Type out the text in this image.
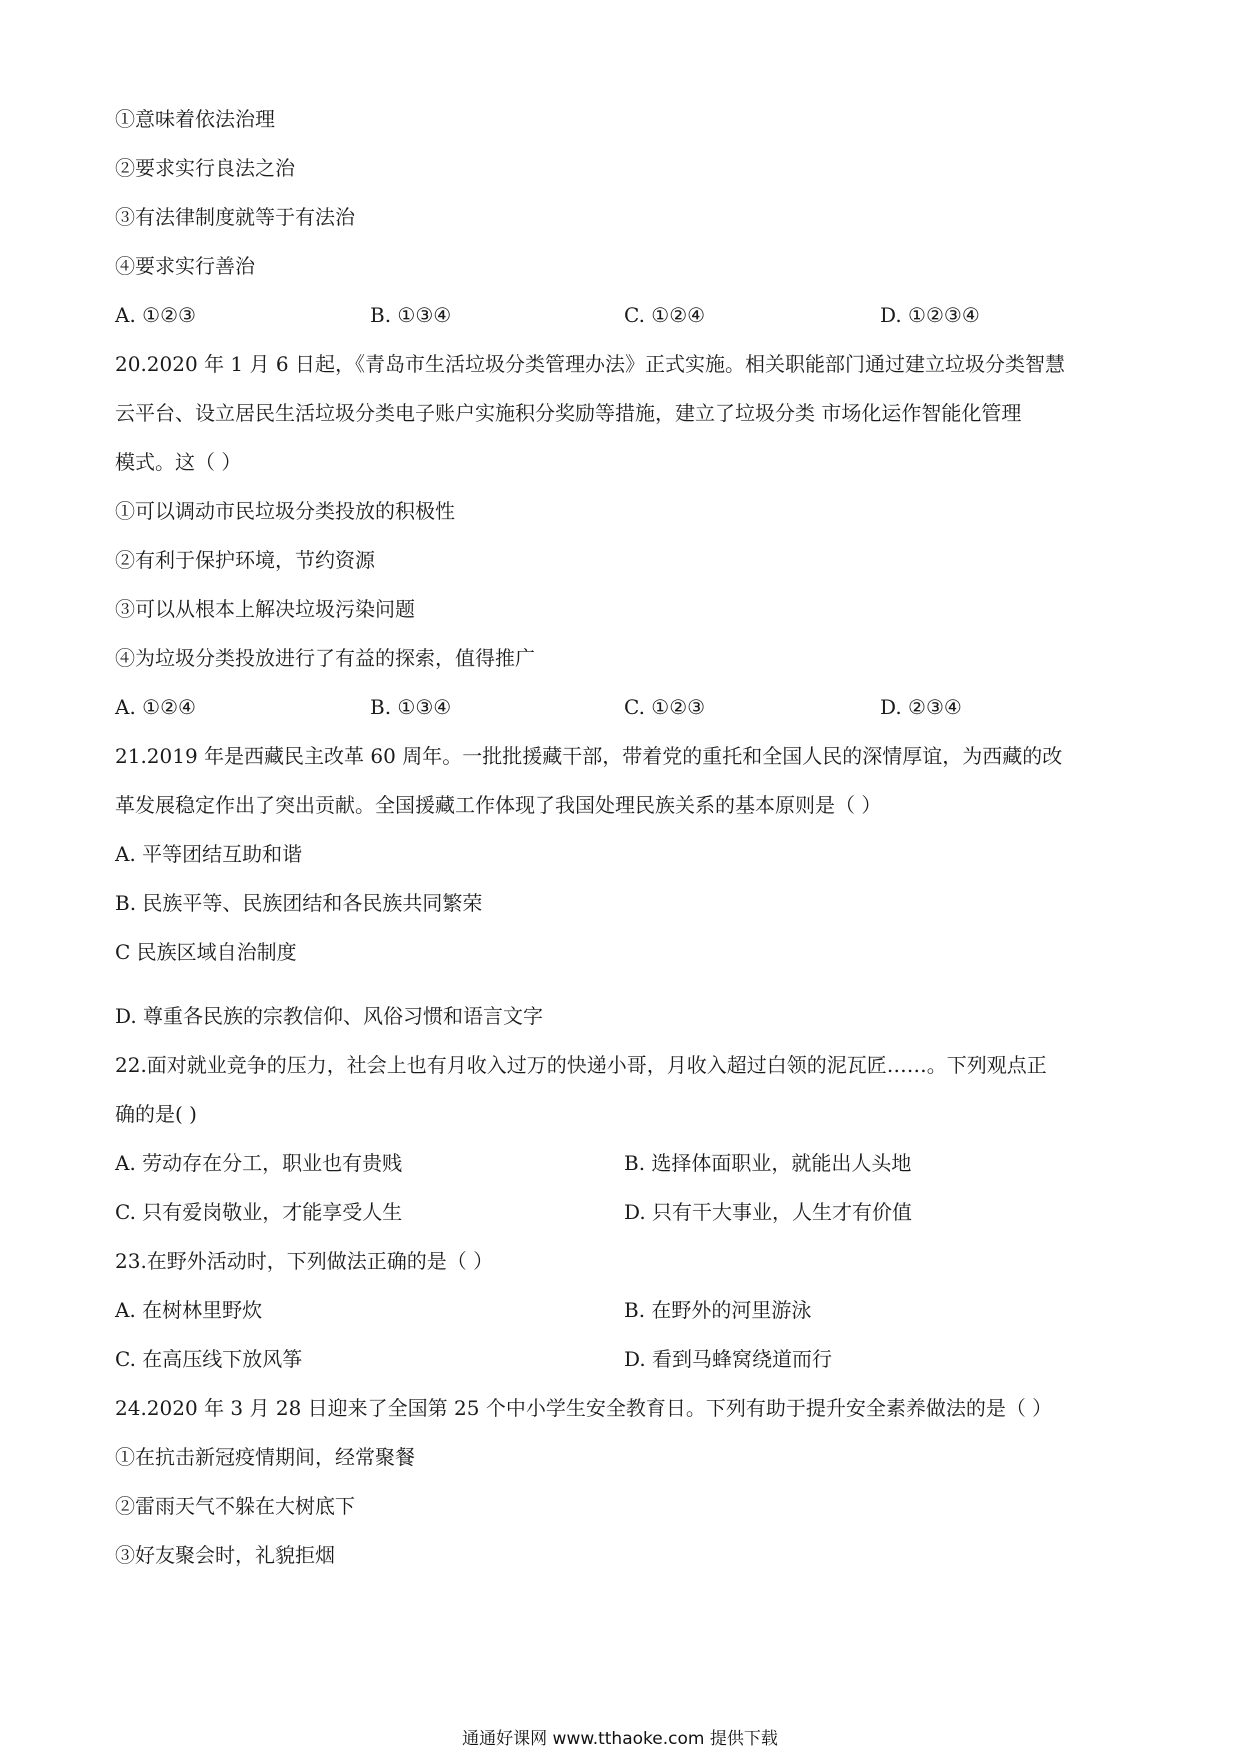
①意味着依法治理
②要求实行良法之治
③有法律制度就等于有法治
④要求实行善治
A. ①②③	B. ①③④	C. ①②④	D. ①②③④
20.2020 年 1 月 6 日起，《青岛市生活垃圾分类管理办法》正式实施。相关职能部门通过建立垃圾分类智慧
云平台、设立居民生活垃圾分类电子账户实施积分奖励等措施，建立了垃圾分类 市场化运作智能化管理
模式。这（ ）
①可以调动市民垃圾分类投放的积极性
②有利于保护环境，节约资源
③可以从根本上解决垃圾污染问题
④为垃圾分类投放进行了有益的探索，值得推广
A. ①②④	B. ①③④	C. ①②③	D. ②③④
21.2019 年是西藏民主改革 60 周年。一批批援藏干部，带着党的重托和全国人民的深情厚谊，为西藏的改
革发展稳定作出了突出贡献。全国援藏工作体现了我国处理民族关系的基本原则是（ ）
A. 平等团结互助和谐
B. 民族平等、民族团结和各民族共同繁荣
C 民族区域自治制度
D. 尊重各民族的宗教信仰、风俗习惯和语言文字
22.面对就业竞争的压力，社会上也有月收入过万的快递小哥，月收入超过白领的泥瓦匠……。下列观点正
确的是( )
A. 劳动存在分工，职业也有贵贱	B. 选择体面职业，就能出人头地
C. 只有爱岗敬业，才能享受人生	D. 只有干大事业，人生才有价值
23.在野外活动时，下列做法正确的是（ ）
A. 在树林里野炊	B. 在野外的河里游泳
C. 在高压线下放风筝	D. 看到马蜂窝绕道而行
24.2020 年 3 月 28 日迎来了全国第 25 个中小学生安全教育日。下列有助于提升安全素养做法的是（ ）
①在抗击新冠疫情期间，经常聚餐
②雷雨天气不躲在大树底下
③好友聚会时，礼貌拒烟
通通好课网 www.tthaoke.com 提供下载
